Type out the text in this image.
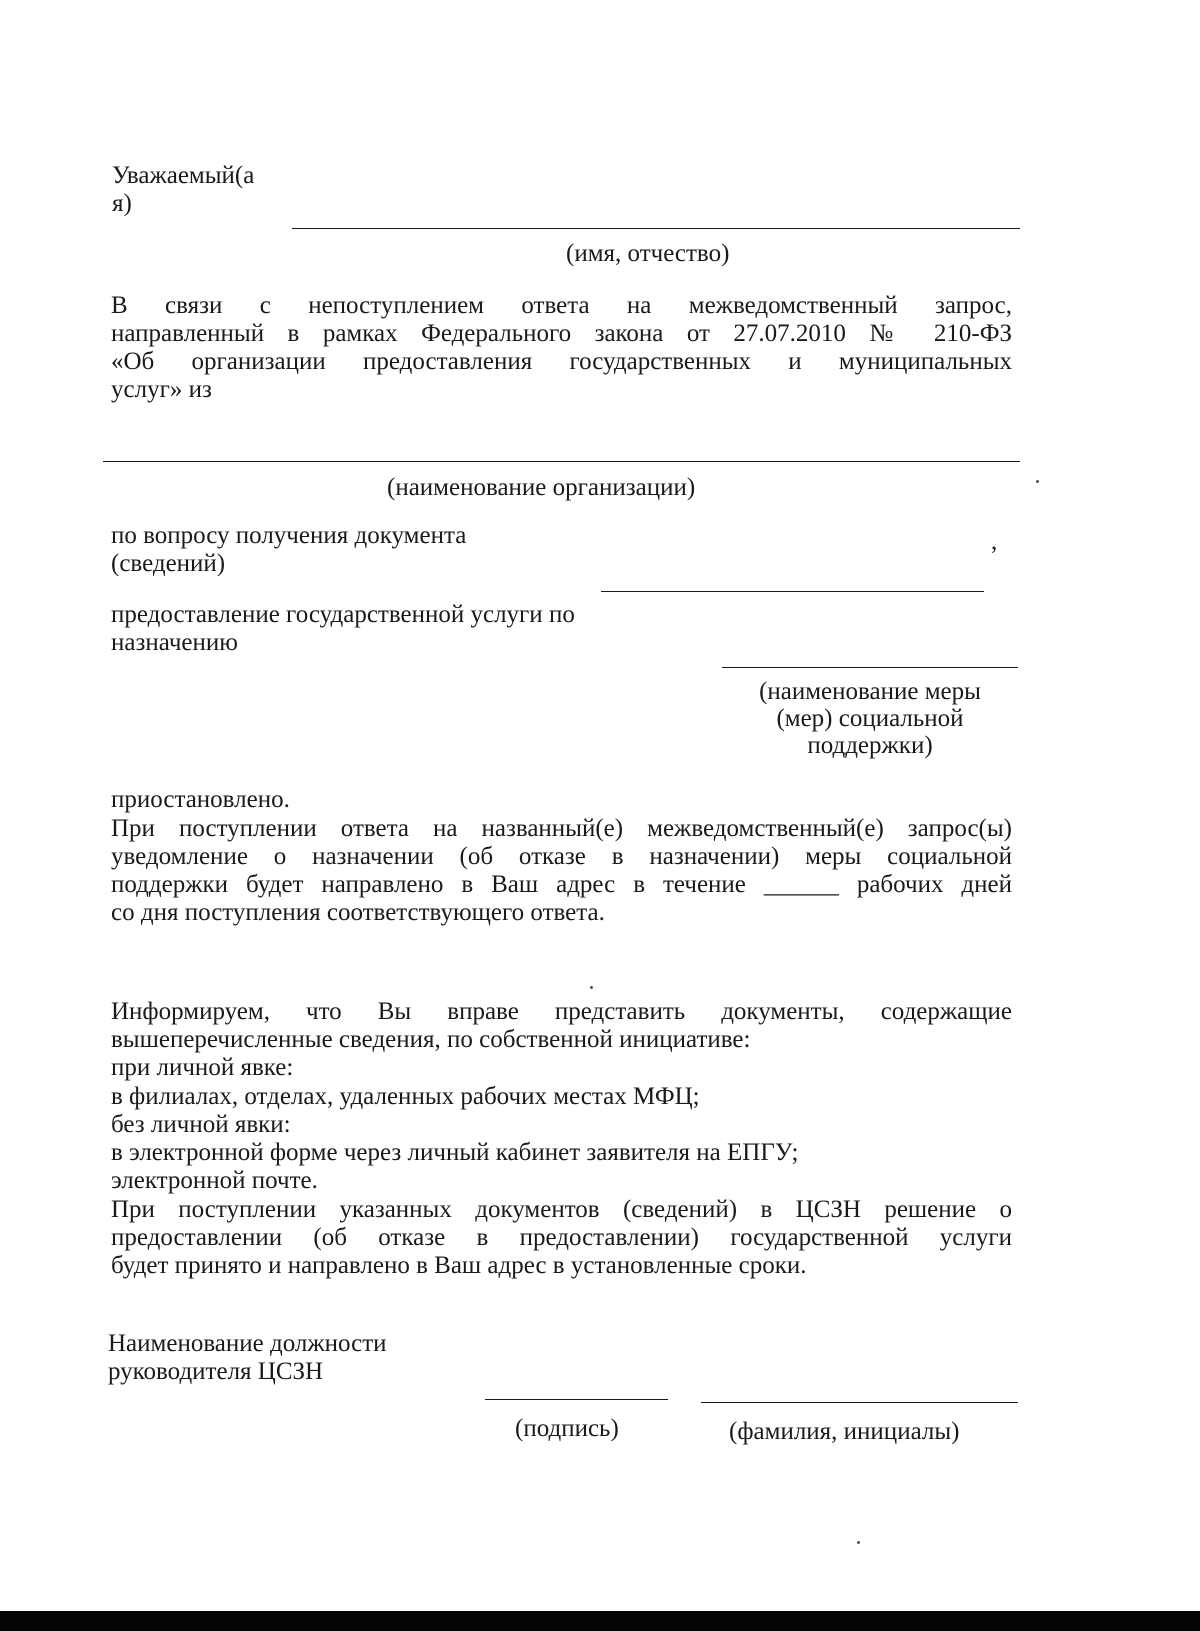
Уважаемый(а
я)
(имя, отчество)
В связи с непоступлением ответа на межведомственный запрос,
направленный в рамках Федерального закона от 27.07.2010 № 210-ФЗ
«Об организации предоставления государственных и муниципальных
услуг» из
(наименование организации)
по вопросу получения документа
(сведений)
,
предоставление государственной услуги по
назначению
(наименование меры
(мер) социальной
поддержки)
приостановлено.
При поступлении ответа на названный(е) межведомственный(е) запрос(ы)
уведомление о назначении (об отказе в назначении) меры социальной
поддержки будет направлено в Ваш адрес в течение ______ рабочих дней
со дня поступления соответствующего ответа.
Информируем, что Вы вправе представить документы, содержащие
вышеперечисленные сведения, по собственной инициативе:
при личной явке:
в филиалах, отделах, удаленных рабочих местах МФЦ;
без личной явки:
в электронной форме через личный кабинет заявителя на ЕПГУ;
электронной почте.
При поступлении указанных документов (сведений) в ЦСЗН решение о
предоставлении (об отказе в предоставлении) государственной услуги
будет принято и направлено в Ваш адрес в установленные сроки.
Наименование должности
руководителя ЦСЗН
(подпись)	(фамилия, инициалы)
